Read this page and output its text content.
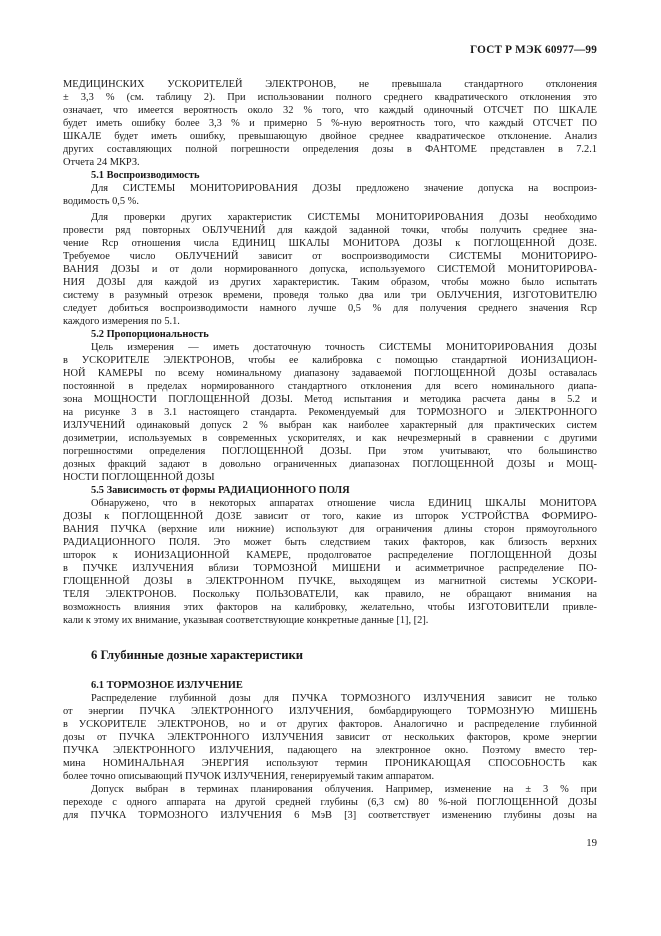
ГОСТ Р МЭК 60977—99
МЕДИЦИНСКИХ УСКОРИТЕЛЕЙ ЭЛЕКТРОНОВ, не превышала стандартного отклонения
± 3,3 % (см. таблицу 2). При использовании полного среднего квадратического отклонения это
означает, что имеется вероятность около 32 % того, что каждый одиночный ОТСЧЕТ ПО ШКАЛЕ
будет иметь ошибку более 3,3 % и примерно 5 %-ную вероятность того, что каждый ОТСЧЕТ ПО
ШКАЛЕ будет иметь ошибку, превышающую двойное среднее квадратическое отклонение. Анализ
других составляющих полной погрешности определения дозы в ФАНТОМЕ представлен в 7.2.1
Отчета 24 МКРЗ.
5.1 Воспроизводимость
Для СИСТЕМЫ МОНИТОРИРОВАНИЯ ДОЗЫ предложено значение допуска на воспроиз-
водимость 0,5 %.
Для проверки других характеристик СИСТЕМЫ МОНИТОРИРОВАНИЯ ДОЗЫ необходимо
провести ряд повторных ОБЛУЧЕНИЙ для каждой заданной точки, чтобы получить среднее зна-
чение Rср отношения числа ЕДИНИЦ ШКАЛЫ МОНИТОРА ДОЗЫ к ПОГЛОЩЕННОЙ ДОЗЕ.
Требуемое число ОБЛУЧЕНИЙ зависит от воспроизводимости СИСТЕМЫ МОНИТОРИРО-
ВАНИЯ ДОЗЫ и от доли нормированного допуска, используемого СИСТЕМОЙ МОНИТОРИРОВА-
НИЯ ДОЗЫ для каждой из других характеристик. Таким образом, чтобы можно было испытать
систему в разумный отрезок времени, проведя только два или три ОБЛУЧЕНИЯ, ИЗГОТОВИТЕЛЮ
следует добиться воспроизводимости намного лучше 0,5 % для получения среднего значения Rср
каждого измерения по 5.1.
5.2 Пропорциональность
Цель измерения — иметь достаточную точность СИСТЕМЫ МОНИТОРИРОВАНИЯ ДОЗЫ
в УСКОРИТЕЛЕ ЭЛЕКТРОНОВ, чтобы ее калибровка с помощью стандартной ИОНИЗАЦИОН-
НОЙ КАМЕРЫ по всему номинальному диапазону задаваемой ПОГЛОЩЕННОЙ ДОЗЫ оставалась
постоянной в пределах нормированного стандартного отклонения для всего номинального диапа-
зона МОЩНОСТИ ПОГЛОЩЕННОЙ ДОЗЫ. Метод испытания и методика расчета даны в 5.2 и
на рисунке 3 в 3.1 настоящего стандарта. Рекомендуемый для ТОРМОЗНОГО и ЭЛЕКТРОННОГО
ИЗЛУЧЕНИЙ одинаковый допуск 2 % выбран как наиболее характерный для практических систем
дозиметрии, используемых в современных ускорителях, и как нечрезмерный в сравнении с другими
погрешностями определения ПОГЛОЩЕННОЙ ДОЗЫ. При этом учитывают, что большинство
дозных фракций задают в довольно ограниченных диапазонах ПОГЛОЩЕННОЙ ДОЗЫ и МОЩ-
НОСТИ ПОГЛОЩЕННОЙ ДОЗЫ
5.5 Зависимость от формы РАДИАЦИОННОГО ПОЛЯ
Обнаружено, что в некоторых аппаратах отношение числа ЕДИНИЦ ШКАЛЫ МОНИТОРА
ДОЗЫ к ПОГЛОЩЕННОЙ ДОЗЕ зависит от того, какие из шторок УСТРОЙСТВА ФОРМИРО-
ВАНИЯ ПУЧКА (верхние или нижние) используют для ограничения длины сторон прямоугольного
РАДИАЦИОННОГО ПОЛЯ. Это может быть следствием таких факторов, как близость верхних
шторок к ИОНИЗАЦИОННОЙ КАМЕРЕ, продолговатое распределение ПОГЛОЩЕННОЙ ДОЗЫ
в ПУЧКЕ ИЗЛУЧЕНИЯ вблизи ТОРМОЗНОЙ МИШЕНИ и асимметричное распределение ПО-
ГЛОЩЕННОЙ ДОЗЫ в ЭЛЕКТРОННОМ ПУЧКЕ, выходящем из магнитной системы УСКОРИ-
ТЕЛЯ ЭЛЕКТРОНОВ. Поскольку ПОЛЬЗОВАТЕЛИ, как правило, не обращают внимания на
возможность влияния этих факторов на калибровку, желательно, чтобы ИЗГОТОВИТЕЛИ привле-
кали к этому их внимание, указывая соответствующие конкретные данные [1], [2].
6 Глубинные дозные характеристики
6.1 ТОРМОЗНОЕ ИЗЛУЧЕНИЕ
Распределение глубинной дозы для ПУЧКА ТОРМОЗНОГО ИЗЛУЧЕНИЯ зависит не только
от энергии ПУЧКА ЭЛЕКТРОННОГО ИЗЛУЧЕНИЯ, бомбардирующего ТОРМОЗНУЮ МИШЕНЬ
в УСКОРИТЕЛЕ ЭЛЕКТРОНОВ, но и от других факторов. Аналогично и распределение глубинной
дозы от ПУЧКА ЭЛЕКТРОННОГО ИЗЛУЧЕНИЯ зависит от нескольких факторов, кроме энергии
ПУЧКА ЭЛЕКТРОННОГО ИЗЛУЧЕНИЯ, падающего на электронное окно. Поэтому вместо тер-
мина НОМИНАЛЬНАЯ ЭНЕРГИЯ используют термин ПРОНИКАЮЩАЯ СПОСОБНОСТЬ как
более точно описывающий ПУЧОК ИЗЛУЧЕНИЯ, генерируемый таким аппаратом.
Допуск выбран в терминах планирования облучения. Например, изменение на ± 3 % при
переходе с одного аппарата на другой средней глубины (6,3 см) 80 %-ной ПОГЛОЩЕННОЙ ДОЗЫ
для ПУЧКА ТОРМОЗНОГО ИЗЛУЧЕНИЯ 6 МэВ [3] соответствует изменению глубины дозы на
19
